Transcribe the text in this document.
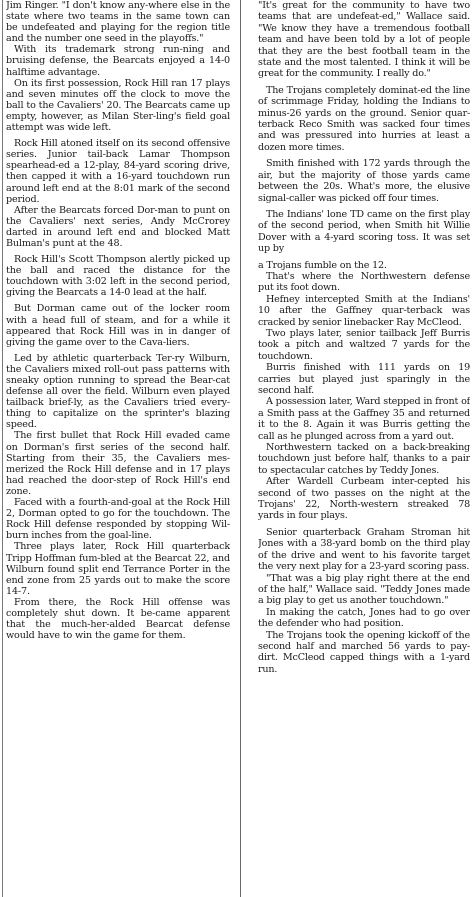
Jim Ringer. "I don't know any-where else in the state where two teams in the same town can be undefeated and playing for the region title and the number one seed in the playoffs."

With its trademark strong run-ning and bruising defense, the Bearcats enjoyed a 14-0 halftime advantage.

On its first possession, Rock Hill ran 17 plays and seven minutes off the clock to move the ball to the Cavaliers' 20. The Bearcats came up empty, however, as Milan Ster-ling's field goal attempt was wide left.

Rock Hill atoned itself on its second offensive series. Junior tail-back Lamar Thompson spearhead-ed a 12-play, 84-yard scoring drive, then capped it with a 16-yard touchdown run around left end at the 8:01 mark of the second period.

After the Bearcats forced Dor-man to punt on the Cavaliers' next series, Andy McCrorey darted in around left end and blocked Matt Bulman's punt at the 48.

Rock Hill's Scott Thompson alertly picked up the ball and raced the distance for the touchdown with 3:02 left in the second period, giving the Bearcats a 14-0 lead at the half.

But Dorman came out of the locker room with a head full of steam, and for a while it appeared that Rock Hill was in in danger of giving the game over to the Cava-liers.

Led by athletic quarterback Ter-ry Wilburn, the Cavaliers mixed roll-out pass patterns with sneaky option running to spread the Bear-cat defense all over the field. Wilburn even played tailback brief-ly, as the Cavaliers tried every-thing to capitalize on the sprinter's blazing speed.

The first bullet that Rock Hill evaded came on Dorman's first series of the second half. Starting from their 35, the Cavaliers mes-merized the Rock Hill defense and in 17 plays had reached the door-step of Rock Hill's end zone.

Faced with a fourth-and-goal at the Rock Hill 2, Dorman opted to go for the touchdown. The Rock Hill defense responded by stopping Wil-burn inches from the goal-line.

Three plays later, Rock Hill quarterback Tripp Hoffman fum-bled at the Bearcat 22, and Wilburn found split end Terrance Porter in the end zone from 25 yards out to make the score 14-7.

From there, the Rock Hill offense was completely shut down. It be-came apparent that the much-her-alded Bearcat defense would have to win the game for them.

"It's great for the community to have two teams that are undefeat-ed," Wallace said. "We know they have a tremendous football team and have been told by a lot of people that they are the best football team in the state and the most talented. I think it will be great for the community. I really do."

The Trojans completely dominat-ed the line of scrimmage Friday, holding the Indians to minus-26 yards on the ground. Senior quar-terback Reco Smith was sacked four times and was pressured into hurries at least a dozen more times.

Smith finished with 172 yards through the air, but the majority of those yards came between the 20s. What's more, the elusive signal-caller was picked off four times.

The Indians' lone TD came on the first play of the second period, when Smith hit Willie Dover with a 4-yard scoring toss. It was set up by

a Trojans fumble on the 12.

That's where the Northwestern defense put its foot down.

Hefney intercepted Smith at the Indians' 10 after the Gaffney quar-terback was cracked by senior linebacker Ray McCleod.

Two plays later, senior tailback Jeff Burris took a pitch and waltzed 7 yards for the touchdown.

Burris finished with 111 yards on 19 carries but played just sparingly in the second half.

A possession later, Ward stepped in front of a Smith pass at the Gaffney 35 and returned it to the 8. Again it was Burris getting the call as he plunged across from a yard out.

Northwestern tacked on a back-breaking touchdown just before half, thanks to a pair to spectacular catches by Teddy Jones.

After Wardell Curbeam inter-cepted his second of two passes on the night at the Trojans' 22, North-western streaked 78 yards in four plays.

Senior quarterback Graham Stroman hit Jones with a 38-yard bomb on the third play of the drive and went to his favorite target the very next play for a 23-yard scoring pass.

"That was a big play right there at the end of the half," Wallace said. "Teddy Jones made a big play to get us another touchdown."

In making the catch, Jones had to go over the defender who had position.

The Trojans took the opening kickoff of the second half and marched 56 yards to pay-dirt. McCleod capped things with a 1-yard run.
